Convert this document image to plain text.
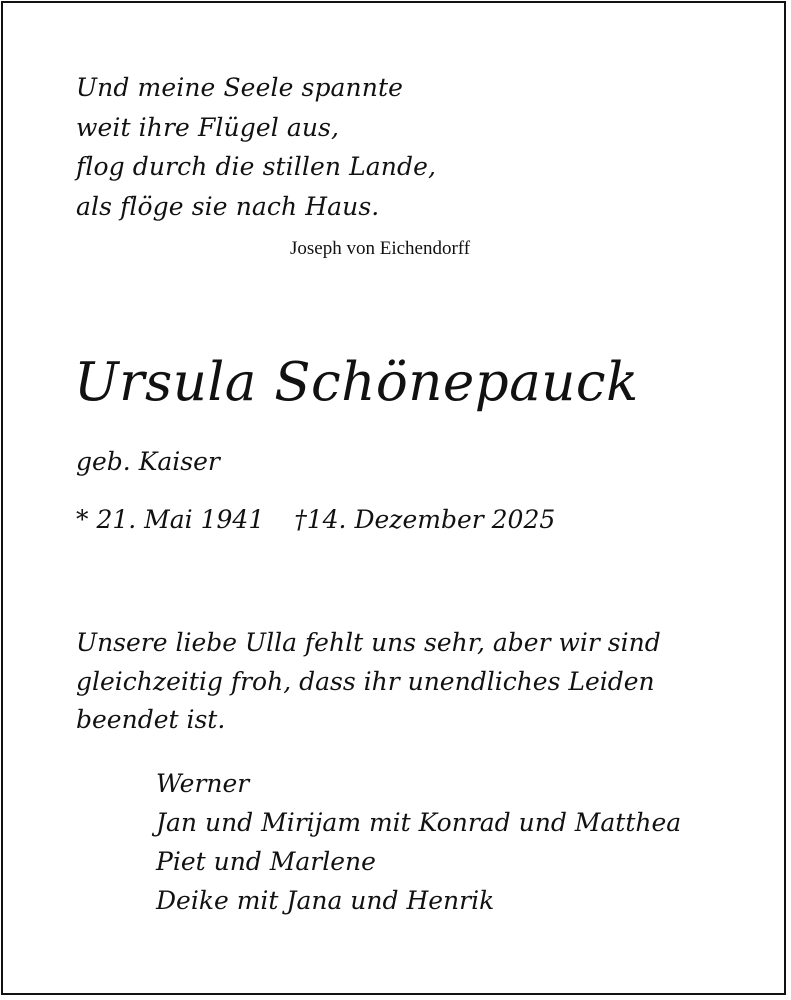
Und meine Seele spannte
weit ihre Flügel aus,
flog durch die stillen Lande,
als flöge sie nach Haus.
Joseph von Eichendorff
Ursula Schönepauck
geb. Kaiser
* 21. Mai 1941 †14. Dezember 2025
Unsere liebe Ulla fehlt uns sehr, aber wir sind
gleichzeitig froh, dass ihr unendliches Leiden
beendet ist.
Werner
Jan und Mirijam mit Konrad und Matthea
Piet und Marlene
Deike mit Jana und Henrik
